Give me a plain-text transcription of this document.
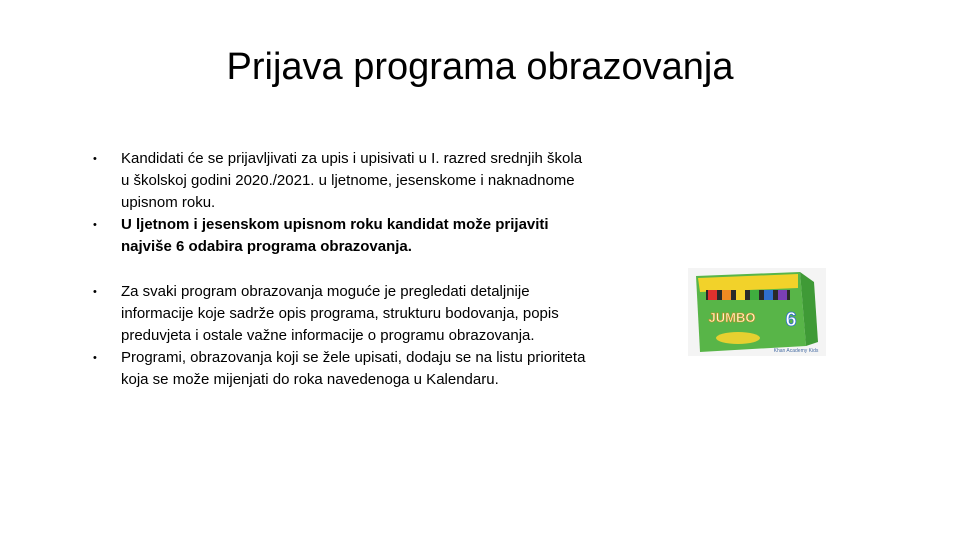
Prijava programa obrazovanja
•	Kandidati će se prijavljivati za upis i upisivati u I. razred srednjih škola u školskoj godini 2020./2021. u ljetnome, jesenskome i naknadnome upisnom roku.
•	U ljetnom i jesenskom upisnom roku kandidat može prijaviti najviše 6 odabira programa obrazovanja.
•	Za svaki program obrazovanja moguće je pregledati detaljnije informacije koje sadrže opis programa, strukturu bodovanja, popis preduvjeta i ostale važne informacije o programu obrazovanja.
•	Programi, obrazovanja koji se žele upisati, dodaju se na listu prioriteta koja se može mijenjati do roka navedenoga u Kalendaru.
JUMBO 6
Khan Academy Kids
